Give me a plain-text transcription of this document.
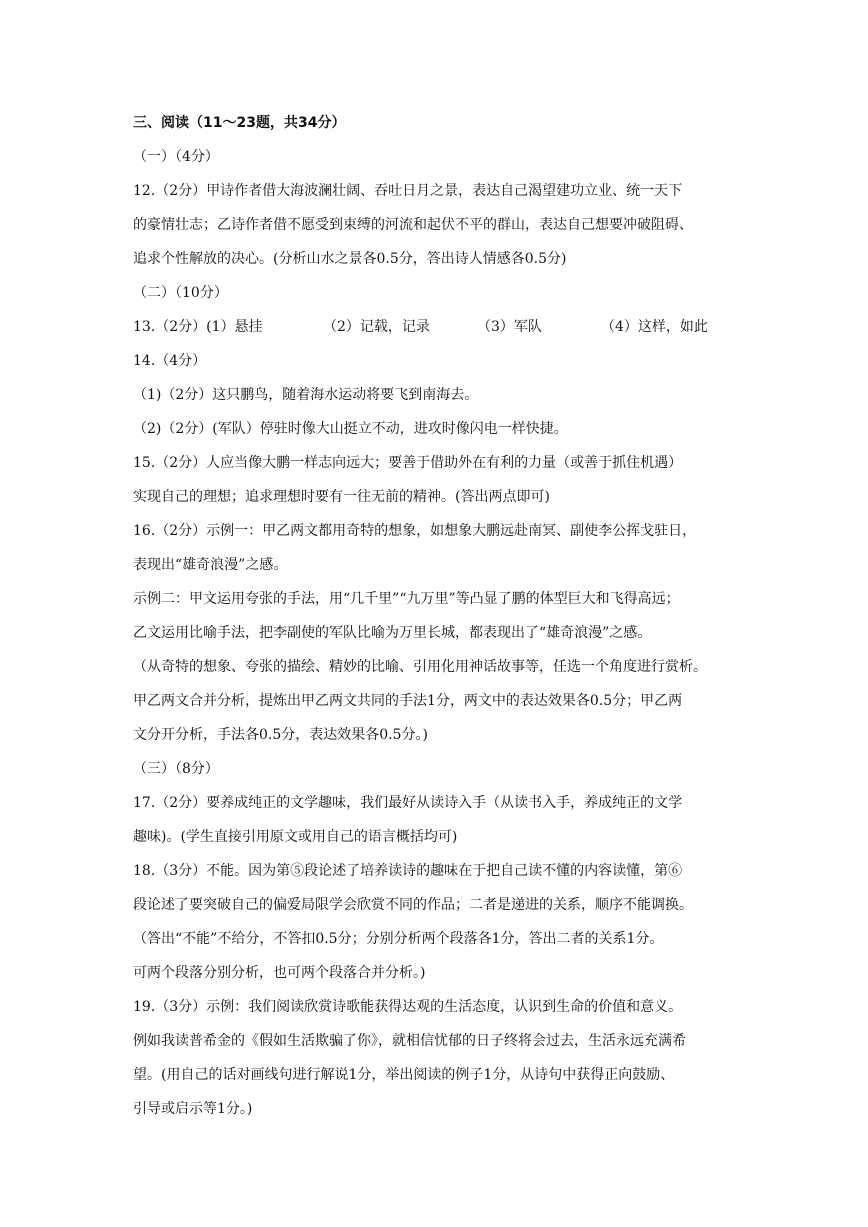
三、阅读（11～23题，共34分）
（一）（4分）
12.（2分）甲诗作者借大海波澜壮阔、吞吐日月之景，表达自己渴望建功立业、统一天下
的豪情壮志；乙诗作者借不愿受到束缚的河流和起伏不平的群山，表达自己想要冲破阻碍、
追求个性解放的决心。(分析山水之景各0.5分，答出诗人情感各0.5分)
（二）（10分）
13.（2分）(1）悬挂	（2）记载，记录	（3）军队	（4）这样，如此
14.（4分）
（1)（2分）这只鹏鸟，随着海水运动将要飞到南海去。
（2)（2分）(军队）停驻时像大山挺立不动，进攻时像闪电一样快捷。
15.（2分）人应当像大鹏一样志向远大；要善于借助外在有利的力量（或善于抓住机遇）
实现自己的理想；追求理想时要有一往无前的精神。(答出两点即可)
16.（2分）示例一：甲乙两文都用奇特的想象，如想象大鹏远赴南冥、副使李公挥戈驻日，
表现出“雄奇浪漫”之感。
示例二：甲文运用夸张的手法，用“几千里”“九万里”等凸显了鹏的体型巨大和飞得高远；
乙文运用比喻手法，把李副使的军队比喻为万里长城，都表现出了“雄奇浪漫”之感。
（从奇特的想象、夸张的描绘、精妙的比喻、引用化用神话故事等，任选一个角度进行赏析。
甲乙两文合并分析，提炼出甲乙两文共同的手法1分，两文中的表达效果各0.5分；甲乙两
文分开分析，手法各0.5分，表达效果各0.5分。)
（三）（8分）
17.（2分）要养成纯正的文学趣味，我们最好从读诗入手（从读书入手，养成纯正的文学
趣味)。(学生直接引用原文或用自己的语言概括均可)
18.（3分）不能。因为第⑤段论述了培养读诗的趣味在于把自己读不懂的内容读懂，第⑥
段论述了要突破自己的偏爱局限学会欣赏不同的作品；二者是递进的关系，顺序不能调换。
（答出“不能”不给分，不答扣0.5分；分别分析两个段落各1分，答出二者的关系1分。
可两个段落分别分析，也可两个段落合并分析。)
19.（3分）示例：我们阅读欣赏诗歌能获得达观的生活态度，认识到生命的价值和意义。
例如我读普希金的《假如生活欺骗了你》，就相信忧郁的日子终将会过去，生活永远充满希
望。(用自己的话对画线句进行解说1分，举出阅读的例子1分，从诗句中获得正向鼓励、
引导或启示等1分。)
